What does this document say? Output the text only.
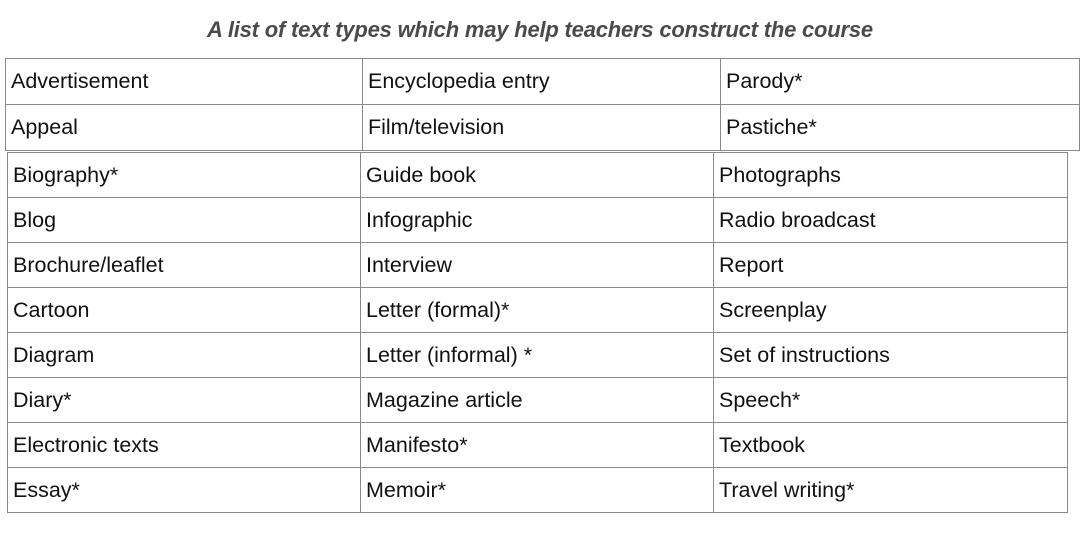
A list of text types which may help teachers construct the course
Advertisement	Encyclopedia entry	Parody*
Appeal	Film/television	Pastiche*
Biography*	Guide book	Photographs
Blog	Infographic	Radio broadcast
Brochure/leaflet	Interview	Report
Cartoon	Letter (formal)*	Screenplay
Diagram	Letter (informal) *	Set of instructions
Diary*	Magazine article	Speech*
Electronic texts	Manifesto*	Textbook
Essay*	Memoir*	Travel writing*
